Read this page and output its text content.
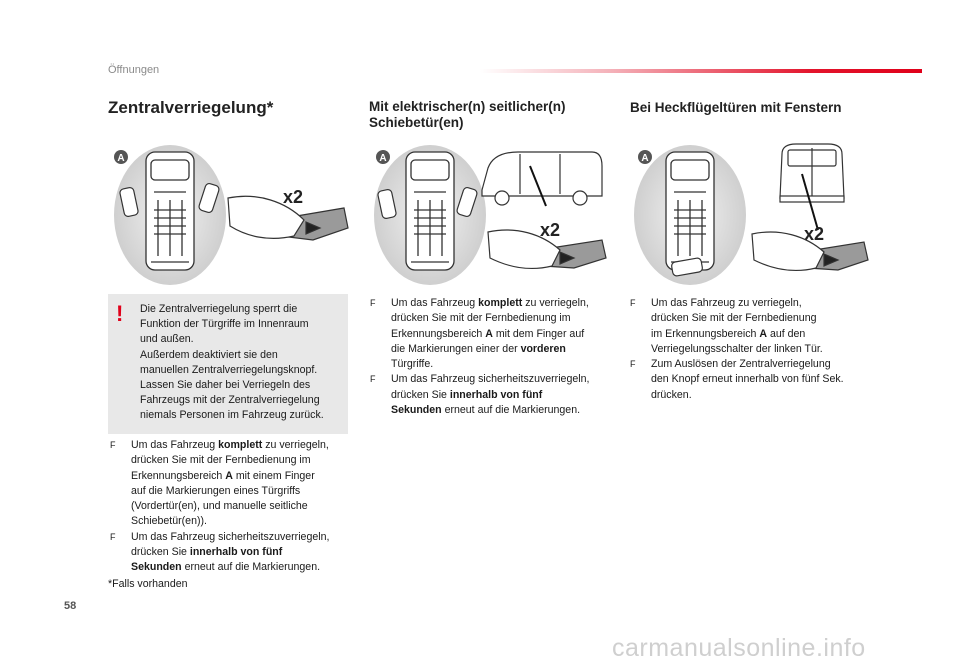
Öffnungen
Zentralverriegelung*	Mit elektrischer(n) seitlicher(n)
Schiebetür(en)
Bei Heckflügeltüren mit Fenstern
A
x2
A
x2
A
x2
! Die Zentralverriegelung sperrt die

Funktion der Türgriffe im Innenraum

und außen.

Außerdem deaktiviert sie den

manuellen Zentralverriegelungsknopf.

Lassen Sie daher bei Verriegeln des

Fahrzeugs mit der Zentralverriegelung

niemals Personen im Fahrzeug zurück.

F Um das Fahrzeug komplett zu verriegeln,
drücken Sie mit der Fernbedienung im
Erkennungsbereich A mit einem Finger
auf die Markierungen eines Türgriffs
(Vordertür(en), und manuelle seitliche
Schiebetür(en)).
F Um das Fahrzeug sicherheitszuverriegeln,
drücken Sie innerhalb von fünf
Sekunden erneut auf die Markierungen.
F Um das Fahrzeug komplett zu verriegeln,
drücken Sie mit der Fernbedienung im
Erkennungsbereich A mit dem Finger auf
die Markierungen einer der vorderen
Türgriffe.
F Um das Fahrzeug sicherheitszuverriegeln,
drücken Sie innerhalb von fünf
Sekunden erneut auf die Markierungen.
F Um das Fahrzeug zu verriegeln,
drücken Sie mit der Fernbedienung
im Erkennungsbereich A auf den
Verriegelungsschalter der linken Tür.
F Zum Auslösen der Zentralverriegelung
den Knopf erneut innerhalb von fünf Sek.
drücken.
*Falls vorhanden
58
carmanualsonline.info
